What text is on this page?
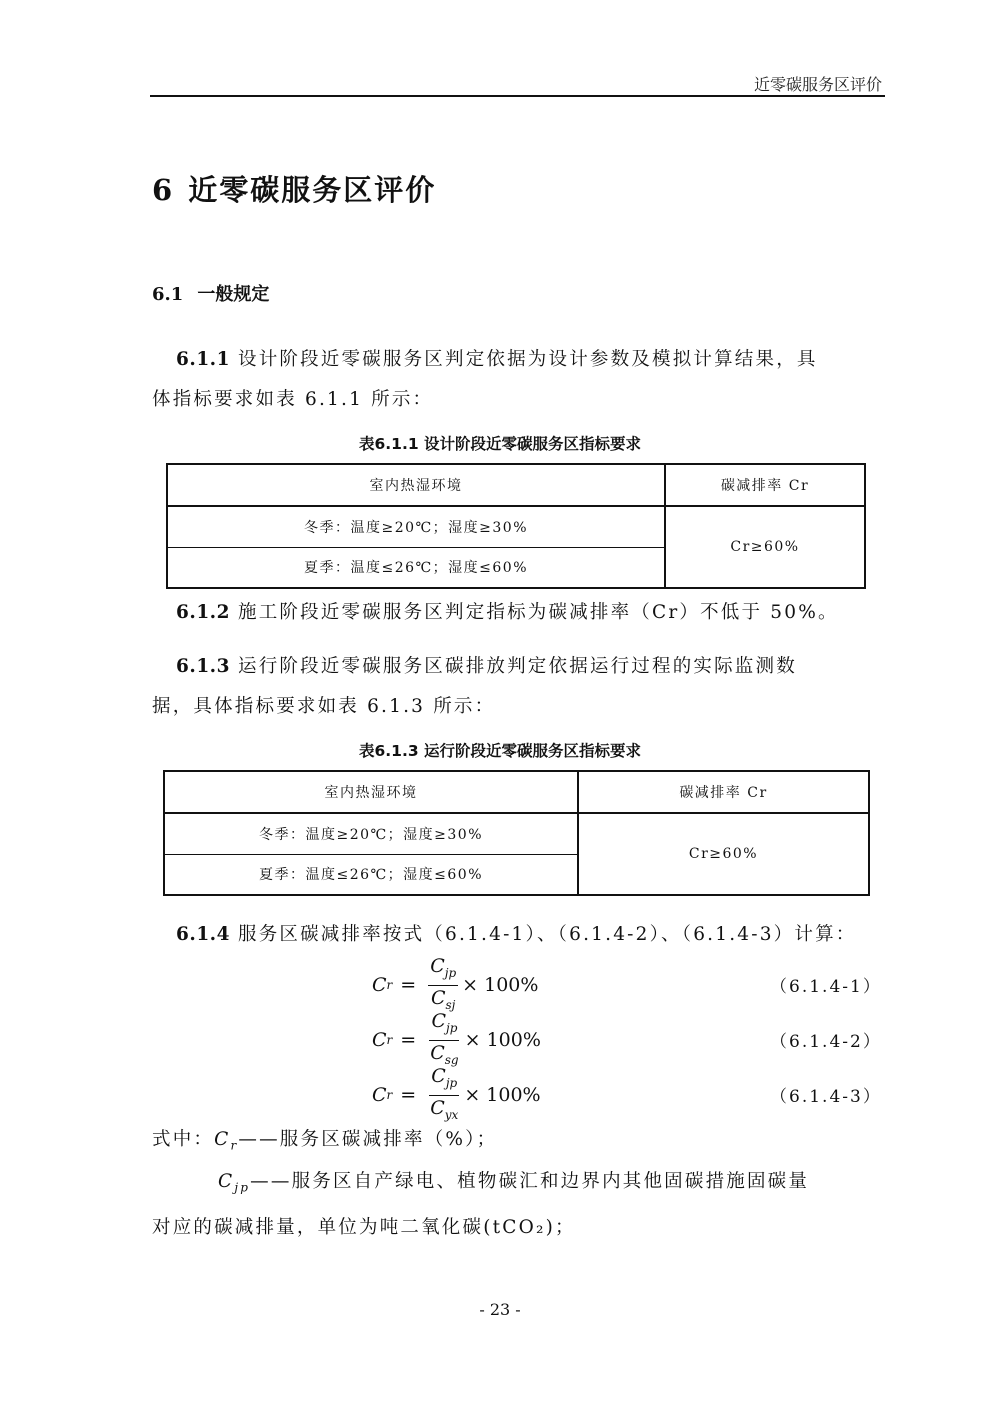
近零碳服务区评价
6 近零碳服务区评价
6.1 一般规定
6.1.1 设计阶段近零碳服务区判定依据为设计参数及模拟计算结果，具
体指标要求如表 6.1.1 所示：
表6.1.1 设计阶段近零碳服务区指标要求
室内热湿环境	碳减排率 Cr
冬季：温度≥20℃；湿度≥30%	Cr≥60%
夏季：温度≤26℃；湿度≤60%	
6.1.2 施工阶段近零碳服务区判定指标为碳减排率（Cr）不低于 50%。
6.1.3 运行阶段近零碳服务区碳排放判定依据运行过程的实际监测数
据，具体指标要求如表 6.1.3 所示：
表6.1.3 运行阶段近零碳服务区指标要求
室内热湿环境	碳减排率 Cr
冬季：温度≥20℃；湿度≥30%	Cr≥60%
夏季：温度≤26℃；湿度≤60%	
6.1.4 服务区碳减排率按式（6.1.4-1）、（6.1.4-2）、（6.1.4-3）计算：
C $r = \frac{C_{jp}}{C_{sj}} \times 100\%$	（6.1.4-1）
C $r = \frac{C_{jp}}{C_{sg}} \times 100\%$	（6.1.4-2）
C $r = \frac{C_{jp}}{C_{yx}} \times 100\%$	（6.1.4-3）
式中：$C_r——$服务区碳减排率（%）；
$C_{jp}——$服务区自产绿电、植物碳汇和边界内其他固碳措施固碳量
对应的碳减排量，单位为吨二氧化碳(tCO₂)；
- 23 -
